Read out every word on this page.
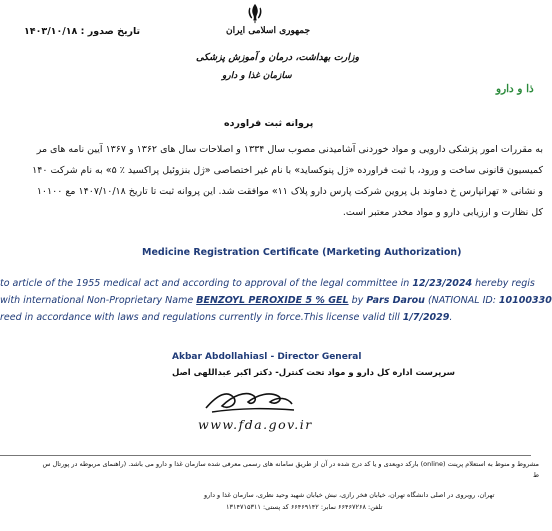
تاریخ صدور : ۱۴۰۳/۱۰/۱۸	جمهوری اسلامی ایران
وزارت بهداشت، درمان و آموزش پزشکی
سازمان غذا و دارو
ذا و دارو
پروانه ثبت فراورده
به مقررات امور پزشکی دارویی و مواد خوردنی آشامیدنی مصوب سال ۱۳۳۴ و اصلاحات سال های ۱۳۶۲ و ۱۳۶۷ آیین نامه های مر
کمیسیون قانونی ساخت و ورود، با ثبت فراورده «ژل پنوکساید» با نام غیر اختصاصی «ژل بنزوئیل پراکسید ٪ ۵» به نام شرکت ۱۴۰
و نشانی « تهرانپارس خ دماوند بل پروین شرکت پارس دارو پلاک ۱۱» موافقت شد. این پروانه ثبت تا تاریخ ۱۴۰۷/۱۰/۱۸ مع ۱۰۱۰۰
کل نظارت و ارزیابی دارو و مواد مخدر معتبر است.
Medicine Registration Certificate (Marketing Authorization)
to article of the 1955 medical act and according to approval of the legal committee in 12/23/2024 hereby regis
with international Non-Proprietary Name BENZOYL PEROXIDE 5 % GEL by Pars Darou (NATIONAL ID: 10100330
reed in accordance with laws and regulations currently in force.This license valid till 1/7/2029.
Akbar Abdollahiasl - Director General
سرپرست اداره کل دارو و مواد تحت کنترل- دکتر اکبر عبداللهی اصل
www.fda.gov.ir
مشروط و منوط به استعلام پرینت (online) بارکد دوبعدی و یا کد درج شده در آن از طریق سامانه های رسمی معرفی شده سازمان غذا و دارو می باشد. (راهنمای مربوطه در پورتال س
ط
تهران، روبروی در اصلی دانشگاه تهران، خیابان فخر رازی، نبش خیابان شهید وحید نظری، سازمان غذا و دارو
تلفن: ۶۶۴۶۷۲۶۸ نمابر: ۶۶۴۶۹۱۴۲ کد پستی: ۱۳۱۴۷۱۵۳۱۱
